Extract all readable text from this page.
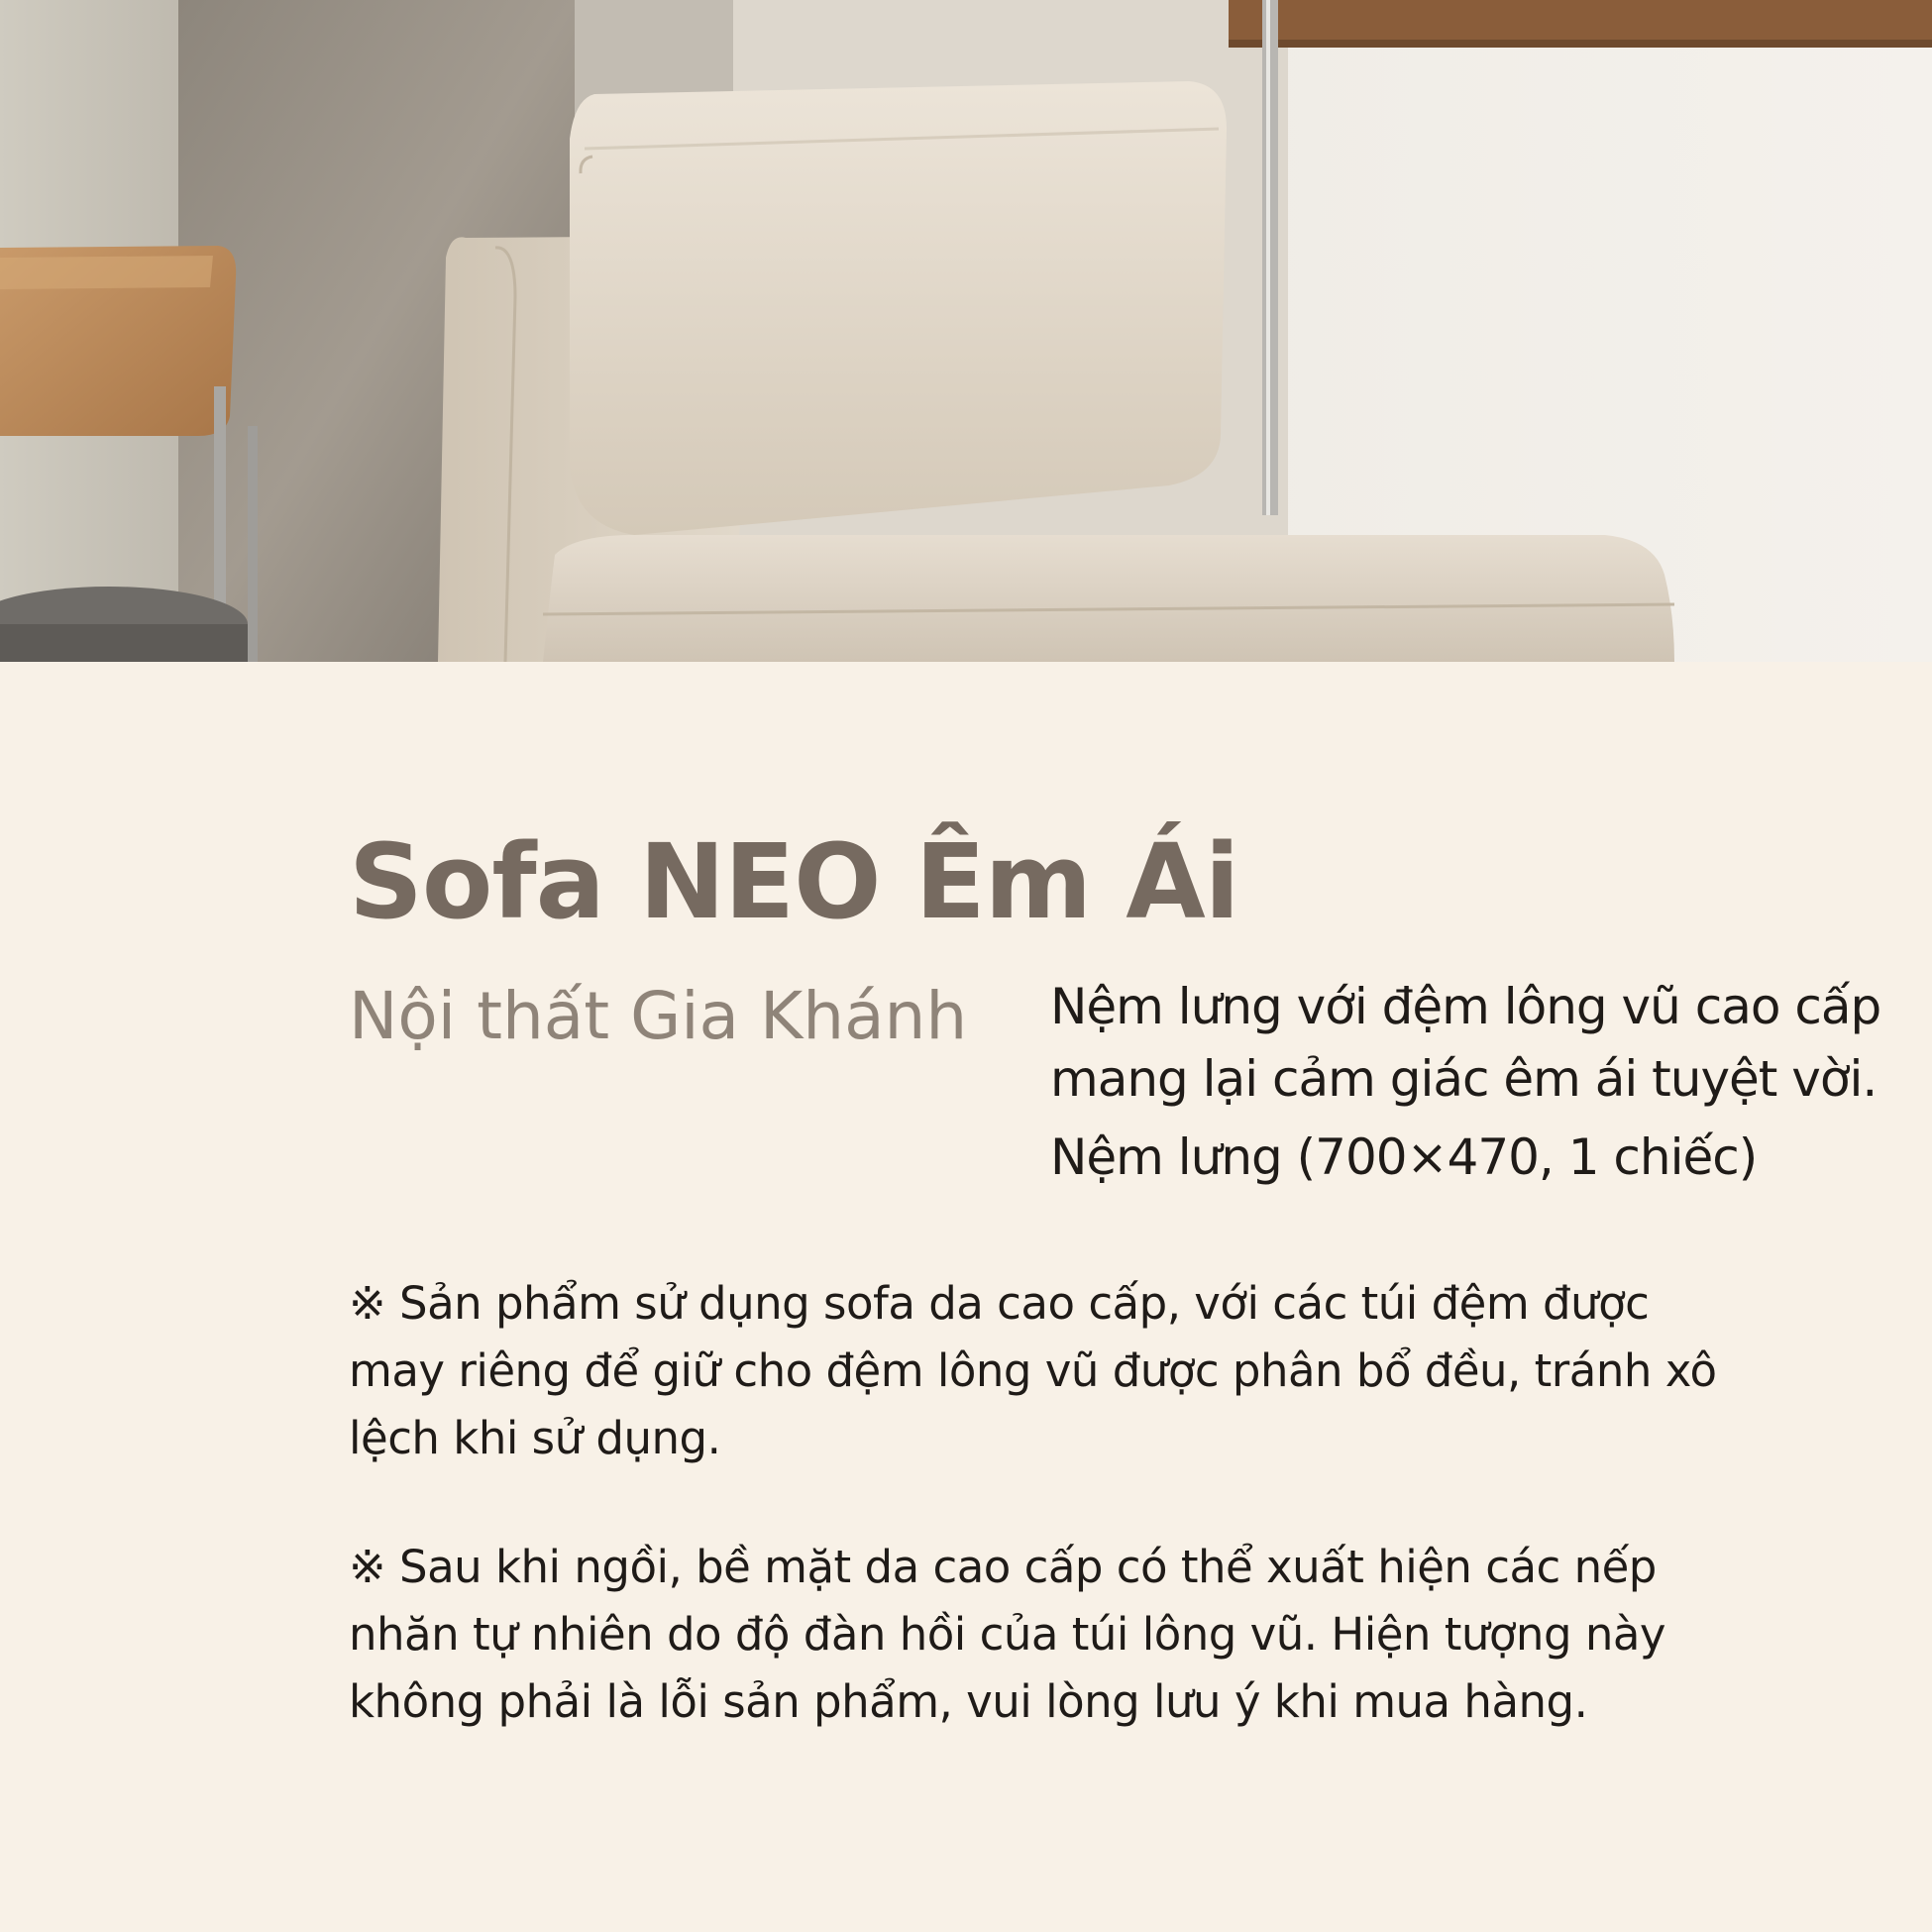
Sofa NEO Êm Ái
Nội thất Gia Khánh Nệm lưng với đệm lông vũ cao cấp
mang lại cảm giác êm ái tuyệt vời.
Nệm lưng (700×470, 1 chiếc)

※ Sản phẩm sử dụng sofa da cao cấp, với các túi đệm được may riêng để giữ cho đệm lông vũ được phân bổ đều, tránh xô lệch khi sử dụng.

※ Sau khi ngồi, bề mặt da cao cấp có thể xuất hiện các nếp nhăn tự nhiên do độ đàn hồi của túi lông vũ. Hiện tượng này không phải là lỗi sản phẩm, vui lòng lưu ý khi mua hàng.
